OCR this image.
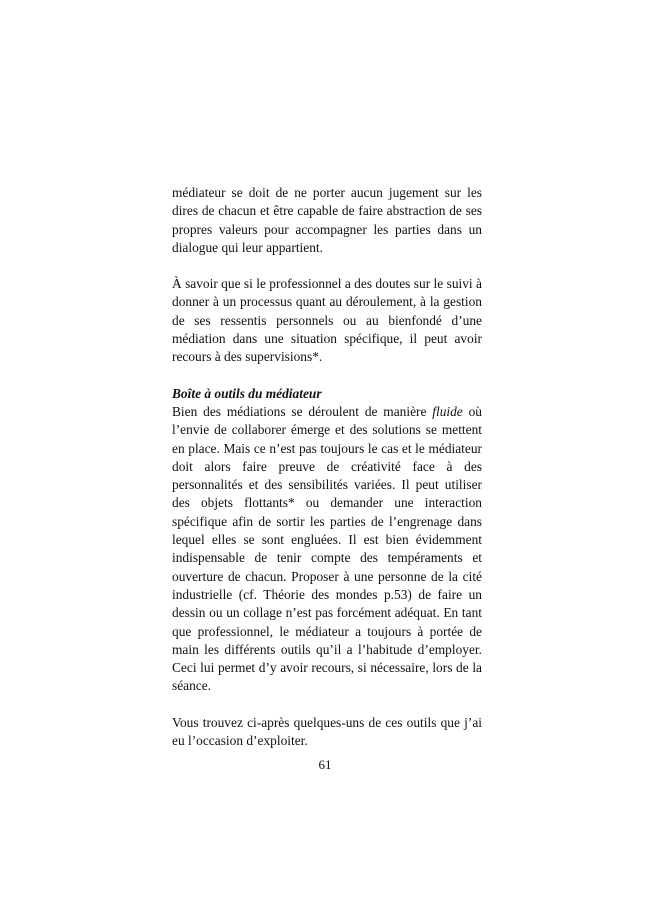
médiateur se doit de ne porter aucun jugement sur les dires de chacun et être capable de faire abstraction de ses propres valeurs pour accompagner les parties dans un dialogue qui leur appartient.

À savoir que si le professionnel a des doutes sur le suivi à donner à un processus quant au déroulement, à la gestion de ses ressentis personnels ou au bienfondé d’une médiation dans une situation spécifique, il peut avoir recours à des supervisions*.

Boîte à outils du médiateur

Bien des médiations se déroulent de manière fluide où l’envie de collaborer émerge et des solutions se mettent en place. Mais ce n’est pas toujours le cas et le médiateur doit alors faire preuve de créativité face à des personnalités et des sensibilités variées. Il peut utiliser des objets flottants* ou demander une interaction spécifique afin de sortir les parties de l’engrenage dans lequel elles se sont engluées. Il est bien évidemment indispensable de tenir compte des tempéraments et ouverture de chacun. Proposer à une personne de la cité industrielle (cf. Théorie des mondes p.53) de faire un dessin ou un collage n’est pas forcément adéquat. En tant que professionnel, le médiateur a toujours à portée de main les différents outils qu’il a l’habitude d’employer. Ceci lui permet d’y avoir recours, si nécessaire, lors de la séance.

Vous trouvez ci-après quelques-uns de ces outils que j’ai eu l’occasion d’exploiter.

61
